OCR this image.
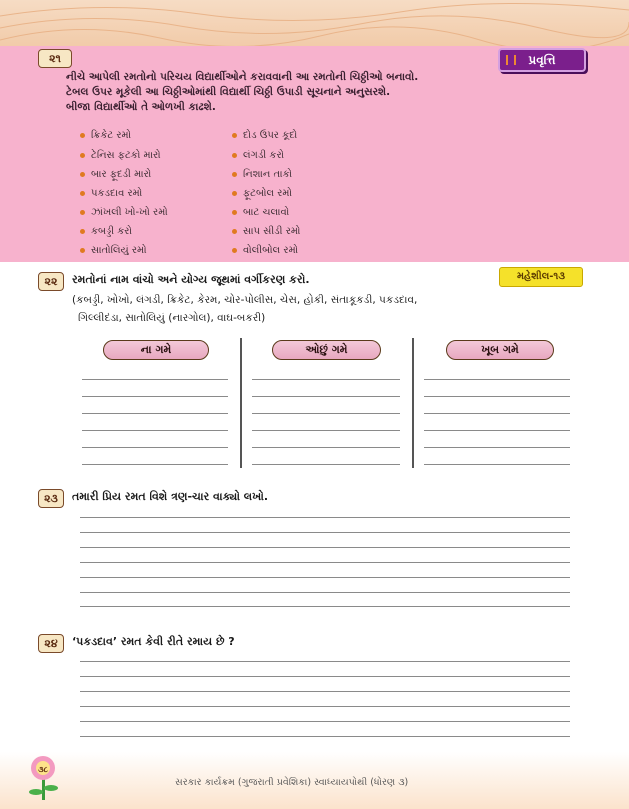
૨૧	પ્રવૃત્તિ
નીચે આપેલી રમતોનો પરિચય વિદ્યાર્થીઓને કરાવવાની આ રમતોની ચિઠ્ઠીઓ બનાવો.
ટેબલ ઉપર મૂકેલી આ ચિઠ્ઠીઓમાંથી વિદ્યાર્થી ચિઠ્ઠી ઉપાડી સૂચનાને અનુસરશે.
બીજા વિદ્યાર્થીઓ તે ઓળખી કાઢશે.
ક્રિકેટ રમો
ટેનિસ ફટકો મારો
બાર ફૂદડી મારો
પકડદાવ રમો
ઝાંખલી ખો-ખો રમો
કબડ્ડી કરો
સાતોલિયું રમો
દોડ ઉપર કૂદો
લંગડી કરો
નિશાન તાકો
ફૂટબોલ રમો
બાટ ચલાવો
સાપ સીડી રમો
વોલીબોલ રમો
૨૨	રમતોનાં નામ વાંચો અને યોગ્ય જૂથમાં વર્ગીકરણ કરો.	મહેશીલ-૧૩
(કબડ્ડી, ખોખો, લંગડી, ક્રિકેટ, કેરમ, ચોર-પોલીસ, ચેસ, હોકી, સંતાકૂકડી, પકડદાવ,
ગિલ્લીદંડા, સાતોલિયું (નારગોલ), વાઘ-બકરી)
ના ગમે	ઓછું ગમે	ખૂબ ગમે
૨૩	તમારી પ્રિય રમત વિશે ત્રણ-ચાર વાક્યો લખો.
૨૪	‘પકડદાવ’ રમત કેવી રીતે રમાય છે ?
૩૮
સરકાર કાર્યક્રમ (ગુજરાતી પ્રવેશિકા) સ્વાધ્યાયપોથી (ધોરણ ૩)
